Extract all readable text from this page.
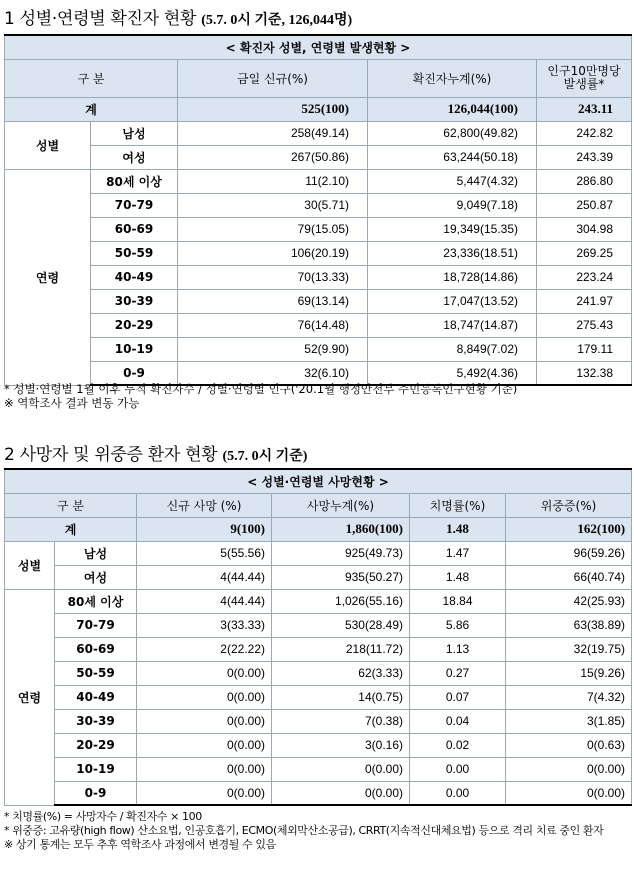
1 성별·연령별 확진자 현황 (5.7. 0시 기준, 126,044명)
< 확진자 성별, 연령별 발생현황 >				
구 분		금일 신규(%)	확진자누계(%)	인구10만명당 발생률*
계		525(100)	126,044(100)	243.11
성별	남성	258(49.14)	62,800(49.82)	242.82
	여성	267(50.86)	63,244(50.18)	243.39
연령	80세 이상	11(2.10)	5,447(4.32)	286.80
	70-79	30(5.71)	9,049(7.18)	250.87
	60-69	79(15.05)	19,349(15.35)	304.98
	50-59	106(20.19)	23,336(18.51)	269.25
	40-49	70(13.33)	18,728(14.86)	223.24
	30-39	69(13.14)	17,047(13.52)	241.97
	20-29	76(14.48)	18,747(14.87)	275.43
	10-19	52(9.90)	8,849(7.02)	179.11
	0-9	32(6.10)	5,492(4.36)	132.38
* 성별·연령별 1월 이후 누적 확진자수 / 성별·연령별 인구('20.1월 행정안전부 주민등록인구현황 기준)
※ 역학조사 결과 변동 가능
2 사망자 및 위중증 환자 현황 (5.7. 0시 기준)
< 성별·연령별 사망현황 >					
구 분		신규 사망 (%)	사망누계(%)	치명률(%)	위중증(%)
계		9(100)	1,860(100)	1.48	162(100)
성별	남성	5(55.56)	925(49.73)	1.47	96(59.26)
	여성	4(44.44)	935(50.27)	1.48	66(40.74)
연령	80세 이상	4(44.44)	1,026(55.16)	18.84	42(25.93)
	70-79	3(33.33)	530(28.49)	5.86	63(38.89)
	60-69	2(22.22)	218(11.72)	1.13	32(19.75)
	50-59	0(0.00)	62(3.33)	0.27	15(9.26)
	40-49	0(0.00)	14(0.75)	0.07	7(4.32)
	30-39	0(0.00)	7(0.38)	0.04	3(1.85)
	20-29	0(0.00)	3(0.16)	0.02	0(0.63)
	10-19	0(0.00)	0(0.00)	0.00	0(0.00)
	0-9	0(0.00)	0(0.00)	0.00	0(0.00)
* 치명률(%) = 사망자수 / 확진자수 × 100
* 위중증: 고유량(high flow) 산소요법, 인공호흡기, ECMO(체외막산소공급), CRRT(지속적신대체요법) 등으로 격리 치료 중인 환자
※ 상기 통계는 모두 추후 역학조사 과정에서 변경될 수 있음
